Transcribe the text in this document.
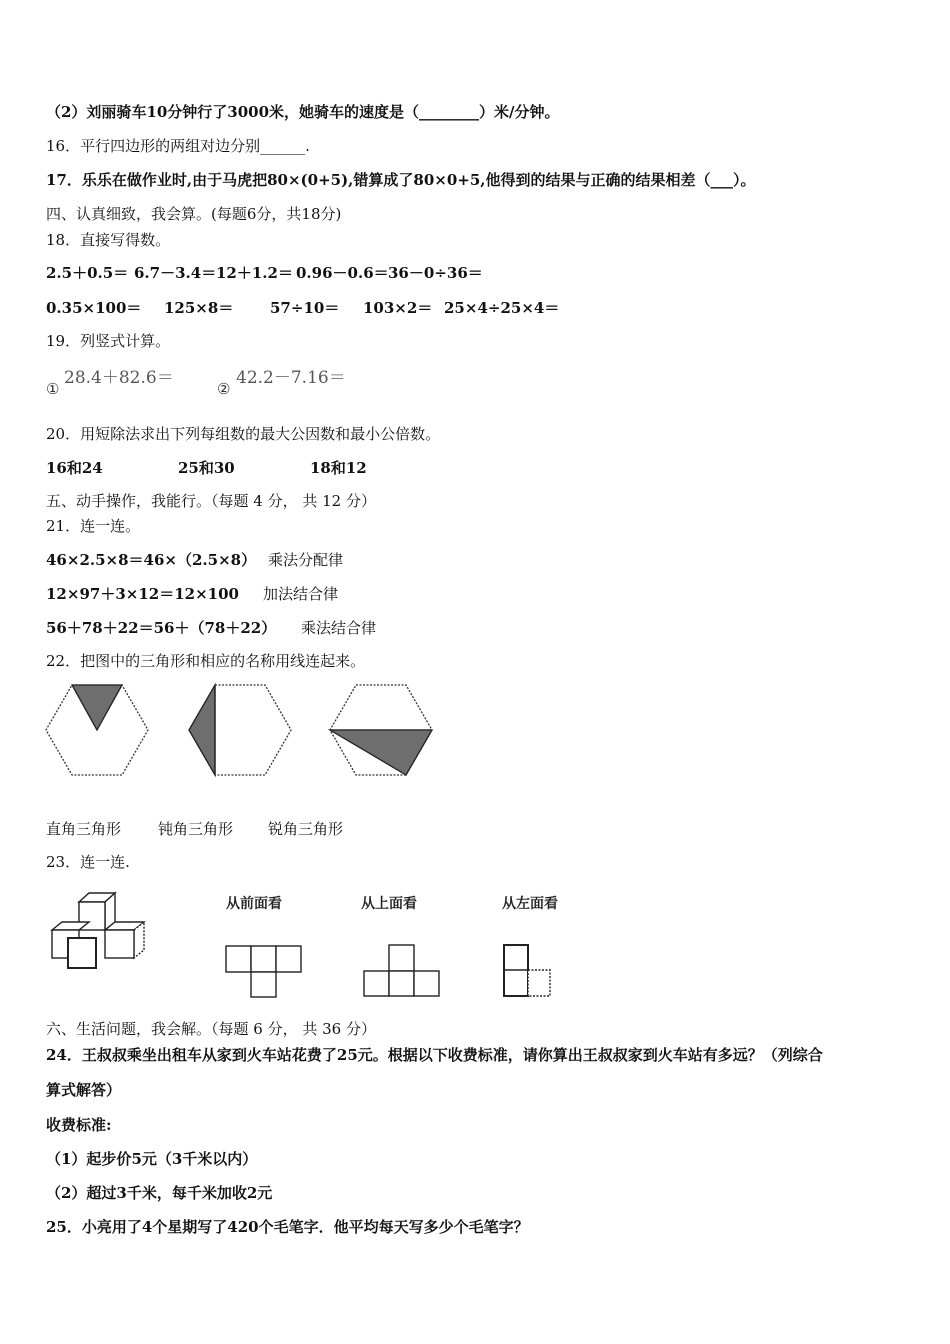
（2）刘丽骑车10分钟行了3000米，她骑车的速度是（________）米/分钟。
16．平行四边形的两组对边分别______.
17．乐乐在做作业时,由于马虎把80×(0+5),错算成了80×0+5,他得到的结果与正确的结果相差（___）。
四、认真细致，我会算。(每题6分，共18分)
18．直接写得数。
2.5＋0.5＝ 6.7－3.4＝ 12＋1.2＝ 0.96－0.6＝ 36－0÷36＝
0.35×100＝ 125×8＝ 57÷10＝ 103×2＝ 25×4÷25×4＝
19．列竖式计算。
①
28.4＋82.6＝
②
42.2－7.16＝
20．用短除法求出下列每组数的最大公因数和最小公倍数。
16和24	25和30	18和12
五、动手操作，我能行。（每题 4 分， 共 12 分）
21．连一连。
46×2.5×8＝46×（2.5×8） 乘法分配律
12×97＋3×12＝12×100 加法结合律
56＋78＋22＝56＋（78＋22） 乘法结合律
22．把图中的三角形和相应的名称用线连起来。
直角三角形 钝角三角形 锐角三角形
23．连一连.
从前面看	从上面看	从左面看
六、生活问题，我会解。（每题 6 分， 共 36 分）
24．王叔叔乘坐出租车从家到火车站花费了25元。根据以下收费标准，请你算出王叔叔家到火车站有多远？（列综合
算式解答）
收费标准:
（1）起步价5元（3千米以内）
（2）超过3千米，每千米加收2元
25．小亮用了4个星期写了420个毛笔字．他平均每天写多少个毛笔字？
